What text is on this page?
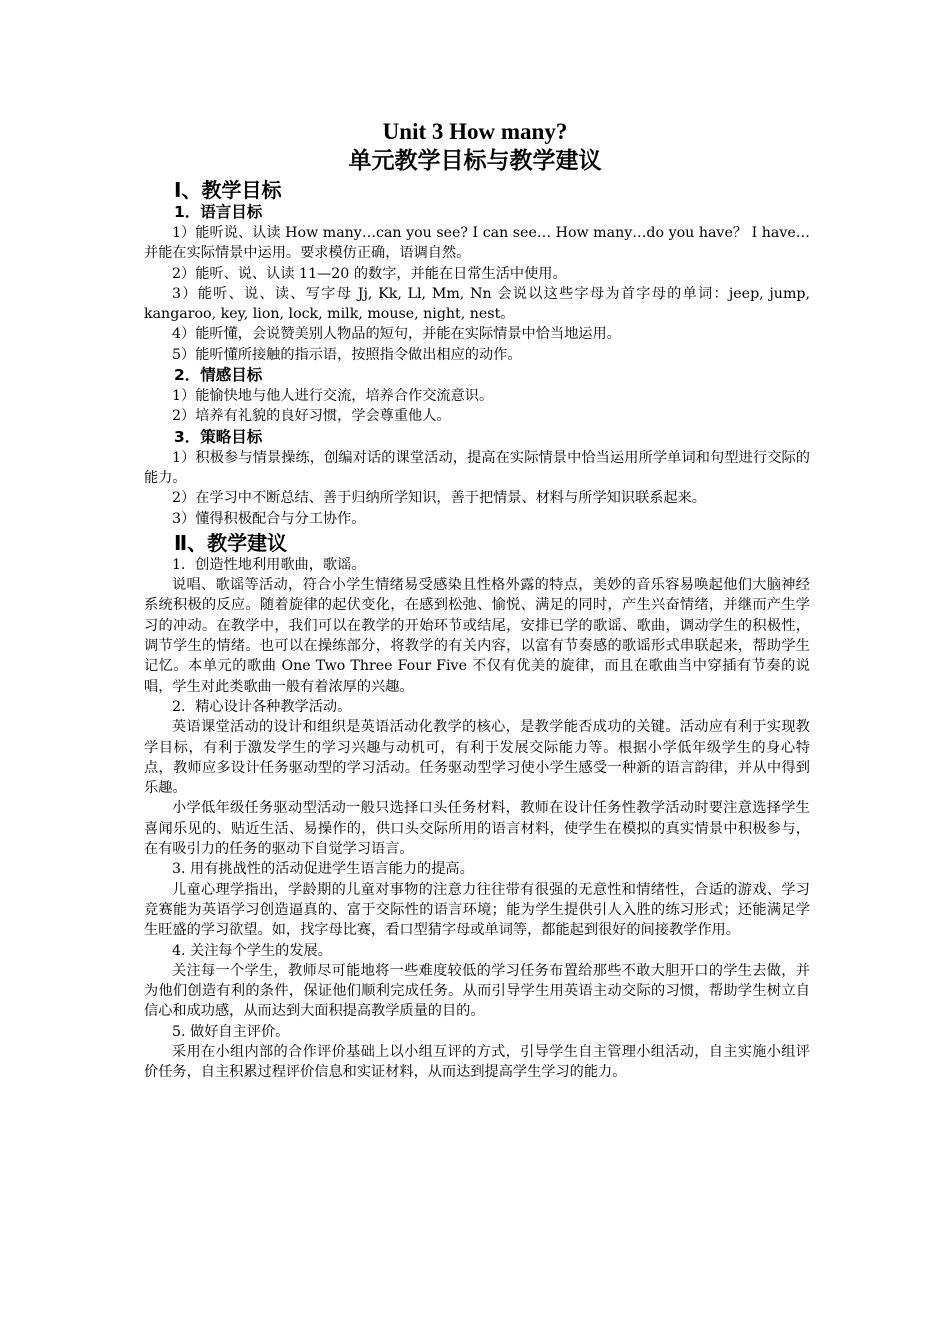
Unit 3 How many?
单元教学目标与教学建议

Ⅰ、教学目标

1．语言目标

1）能听说、认读 How many…can you see? I can see… How many…do you have？ I have…并能在实际情景中运用。要求模仿正确，语调自然。

2）能听、说、认读 11—20 的数字，并能在日常生活中使用。

3）能听、说、读、写字母 Jj, Kk, Ll, Mm, Nn 会说以这些字母为首字母的单词：jeep, jump, kangaroo, key, lion, lock, milk, mouse, night, nest。

4）能听懂，会说赞美别人物品的短句，并能在实际情景中恰当地运用。

5）能听懂所接触的指示语，按照指令做出相应的动作。

2．情感目标

1）能愉快地与他人进行交流，培养合作交流意识。

2）培养有礼貌的良好习惯，学会尊重他人。

3．策略目标

1）积极参与情景操练，创编对话的课堂活动，提高在实际情景中恰当运用所学单词和句型进行交际的能力。

2）在学习中不断总结、善于归纳所学知识，善于把情景、材料与所学知识联系起来。

3）懂得积极配合与分工协作。

Ⅱ、教学建议

1．创造性地利用歌曲，歌谣。

说唱、歌谣等活动，符合小学生情绪易受感染且性格外露的特点，美妙的音乐容易唤起他们大脑神经系统积极的反应。随着旋律的起伏变化，在感到松弛、愉悦、满足的同时，产生兴奋情绪，并继而产生学习的冲动。在教学中，我们可以在教学的开始环节或结尾，安排已学的歌谣、歌曲，调动学生的积极性，调节学生的情绪。也可以在操练部分，将教学的有关内容，以富有节奏感的歌谣形式串联起来，帮助学生记忆。本单元的歌曲 One Two Three Four Five 不仅有优美的旋律，而且在歌曲当中穿插有节奏的说唱，学生对此类歌曲一般有着浓厚的兴趣。

2．精心设计各种教学活动。

英语课堂活动的设计和组织是英语活动化教学的核心，是教学能否成功的关键。活动应有利于实现教学目标，有利于激发学生的学习兴趣与动机可，有利于发展交际能力等。根据小学低年级学生的身心特点，教师应多设计任务驱动型的学习活动。任务驱动型学习使小学生感受一种新的语言韵律，并从中得到乐趣。

小学低年级任务驱动型活动一般只选择口头任务材料，教师在设计任务性教学活动时要注意选择学生喜闻乐见的、贴近生活、易操作的，供口头交际所用的语言材料，使学生在模拟的真实情景中积极参与，在有吸引力的任务的驱动下自觉学习语言。

3. 用有挑战性的活动促进学生语言能力的提高。

儿童心理学指出，学龄期的儿童对事物的注意力往往带有很强的无意性和情绪性，合适的游戏、学习竞赛能为英语学习创造逼真的、富于交际性的语言环境；能为学生提供引人入胜的练习形式；还能满足学生旺盛的学习欲望。如，找字母比赛，看口型猜字母或单词等，都能起到很好的间接教学作用。

4. 关注每个学生的发展。

关注每一个学生，教师尽可能地将一些难度较低的学习任务布置给那些不敢大胆开口的学生去做，并为他们创造有利的条件，保证他们顺利完成任务。从而引导学生用英语主动交际的习惯，帮助学生树立自信心和成功感，从而达到大面积提高教学质量的目的。

5. 做好自主评价。

采用在小组内部的合作评价基础上以小组互评的方式，引导学生自主管理小组活动，自主实施小组评价任务，自主积累过程评价信息和实证材料，从而达到提高学生学习的能力。
